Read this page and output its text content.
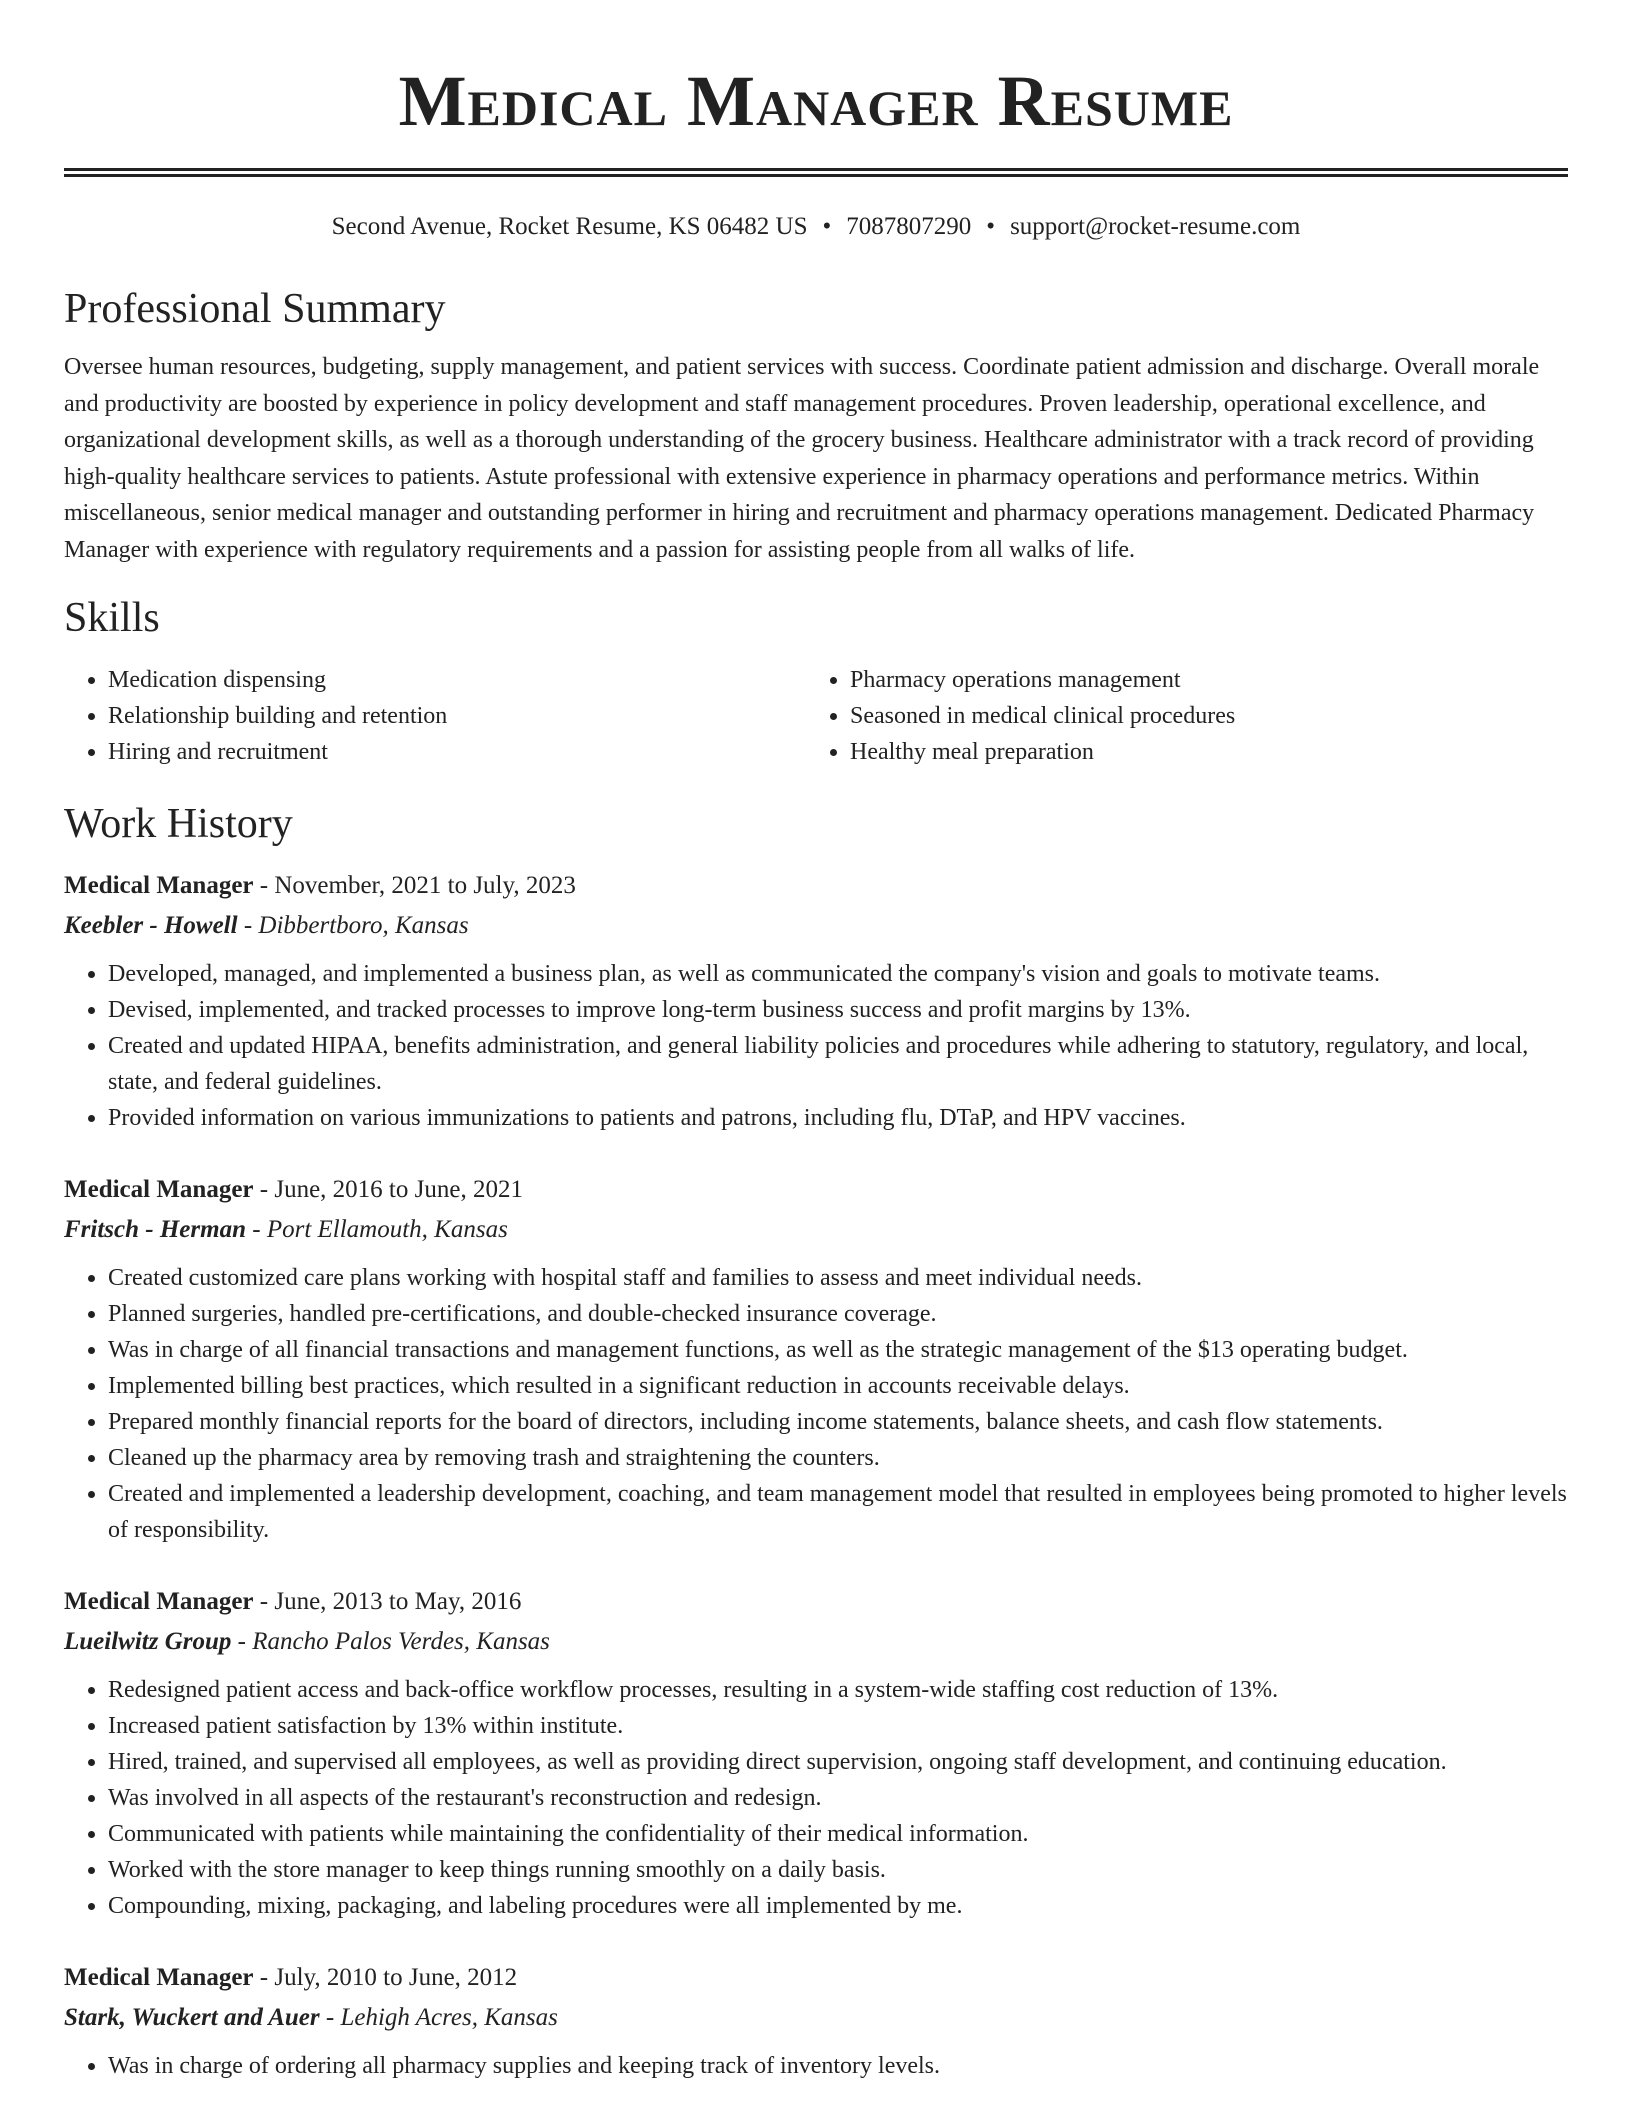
Medical Manager Resume
Second Avenue, Rocket Resume, KS 06482 US • 7087807290 • support@rocket-resume.com
Professional Summary

Oversee human resources, budgeting, supply management, and patient services with success. Coordinate patient admission and discharge. Overall morale and productivity are boosted by experience in policy development and staff management procedures. Proven leadership, operational excellence, and organizational development skills, as well as a thorough understanding of the grocery business. Healthcare administrator with a track record of providing high-quality healthcare services to patients. Astute professional with extensive experience in pharmacy operations and performance metrics. Within miscellaneous, senior medical manager and outstanding performer in hiring and recruitment and pharmacy operations management. Dedicated Pharmacy Manager with experience with regulatory requirements and a passion for assisting people from all walks of life.

Skills
• Medication dispensing
• Relationship building and retention
• Hiring and recruitment
• Pharmacy operations management
• Seasoned in medical clinical procedures
• Healthy meal preparation
Work History
Medical Manager - November, 2021 to July, 2023
Keebler - Howell - Dibbertboro, Kansas
• Developed, managed, and implemented a business plan, as well as communicated the company's vision and goals to motivate teams.
• Devised, implemented, and tracked processes to improve long-term business success and profit margins by 13%.
• Created and updated HIPAA, benefits administration, and general liability policies and procedures while adhering to statutory, regulatory, and local, state, and federal guidelines.
• Provided information on various immunizations to patients and patrons, including flu, DTaP, and HPV vaccines.
Medical Manager - June, 2016 to June, 2021
Fritsch - Herman - Port Ellamouth, Kansas
• Created customized care plans working with hospital staff and families to assess and meet individual needs.
• Planned surgeries, handled pre-certifications, and double-checked insurance coverage.
• Was in charge of all financial transactions and management functions, as well as the strategic management of the $13 operating budget.
• Implemented billing best practices, which resulted in a significant reduction in accounts receivable delays.
• Prepared monthly financial reports for the board of directors, including income statements, balance sheets, and cash flow statements.
• Cleaned up the pharmacy area by removing trash and straightening the counters.
• Created and implemented a leadership development, coaching, and team management model that resulted in employees being promoted to higher levels of responsibility.
Medical Manager - June, 2013 to May, 2016
Lueilwitz Group - Rancho Palos Verdes, Kansas
• Redesigned patient access and back-office workflow processes, resulting in a system-wide staffing cost reduction of 13%.
• Increased patient satisfaction by 13% within institute.
• Hired, trained, and supervised all employees, as well as providing direct supervision, ongoing staff development, and continuing education.
• Was involved in all aspects of the restaurant's reconstruction and redesign.
• Communicated with patients while maintaining the confidentiality of their medical information.
• Worked with the store manager to keep things running smoothly on a daily basis.
• Compounding, mixing, packaging, and labeling procedures were all implemented by me.
Medical Manager - July, 2010 to June, 2012
Stark, Wuckert and Auer - Lehigh Acres, Kansas
• Was in charge of ordering all pharmacy supplies and keeping track of inventory levels.
